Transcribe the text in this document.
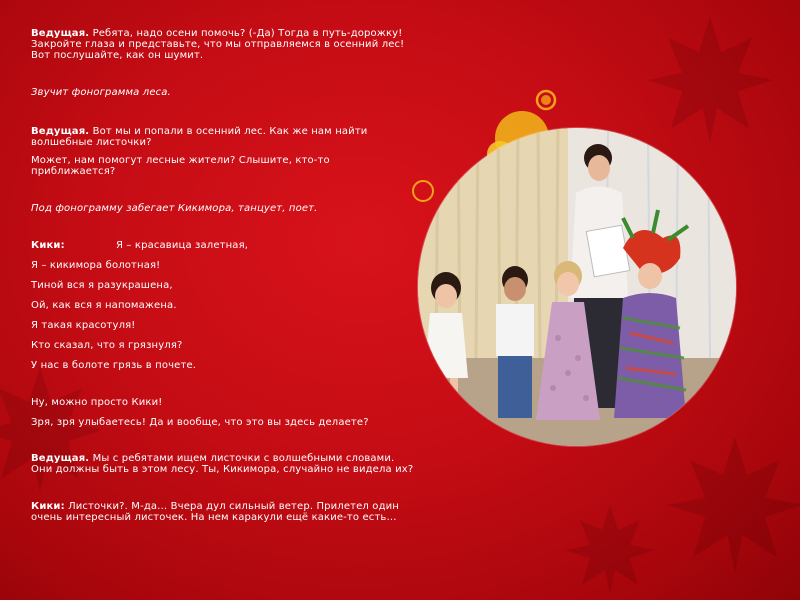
Ведущая. Ребята, надо осени помочь? (-Да) Тогда в путь-дорожку! Закройте глаза и представьте, что мы отправляемся в осенний лес! Вот послушайте, как он шумит.

Звучит фонограмма леса.

Ведущая. Вот мы и попали в осенний лес. Как же нам найти волшебные листочки?

Может, нам помогут лесные жители? Слышите, кто-то приближается?

Под фонограмму забегает Кикимора, танцует, поет.

Кики:	Я – красавица залетная,

Я – кикимора болотная!

Тиной вся я разукрашена,

Ой, как вся я напомажена.

Я такая красотуля!

Кто сказал, что я грязнуля?

У нас в болоте грязь в почете.

Ну, можно просто Кики!

Зря, зря улыбаетесь! Да и вообще, что это вы здесь делаете?

Ведущая. Мы с ребятами ищем листочки с волшебными словами. Они должны быть в этом лесу. Ты, Кикимора, случайно не видела их?

Кики: Листочки?. М-да… Вчера дул сильный ветер. Прилетел один очень интересный листочек. На нем каракули ещё какие-то есть…
